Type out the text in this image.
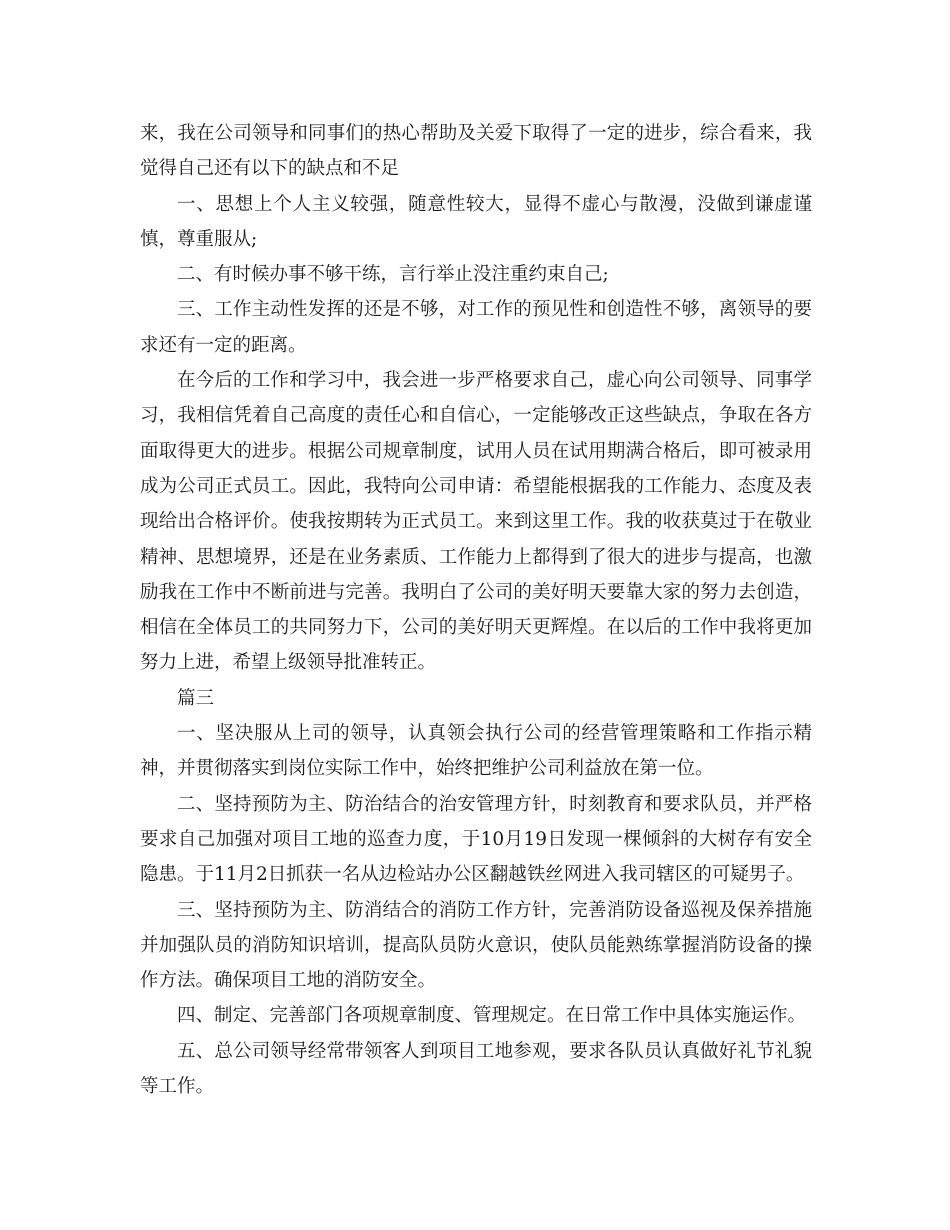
来，我在公司领导和同事们的热心帮助及关爱下取得了一定的进步，综合看来，我觉得自己还有以下的缺点和不足

一、思想上个人主义较强，随意性较大，显得不虚心与散漫，没做到谦虚谨慎，尊重服从;

二、有时候办事不够干练，言行举止没注重约束自己;

三、工作主动性发挥的还是不够，对工作的预见性和创造性不够，离领导的要求还有一定的距离。

在今后的工作和学习中，我会进一步严格要求自己，虚心向公司领导、同事学习，我相信凭着自己高度的责任心和自信心，一定能够改正这些缺点，争取在各方面取得更大的进步。根据公司规章制度，试用人员在试用期满合格后，即可被录用成为公司正式员工。因此，我特向公司申请：希望能根据我的工作能力、态度及表现给出合格评价。使我按期转为正式员工。来到这里工作。我的收获莫过于在敬业精神、思想境界，还是在业务素质、工作能力上都得到了很大的进步与提高，也激励我在工作中不断前进与完善。我明白了公司的美好明天要靠大家的努力去创造，相信在全体员工的共同努力下，公司的美好明天更辉煌。在以后的工作中我将更加努力上进，希望上级领导批准转正。

篇三

一、坚决服从上司的领导，认真领会执行公司的经营管理策略和工作指示精神，并贯彻落实到岗位实际工作中，始终把维护公司利益放在第一位。

二、坚持预防为主、防治结合的治安管理方针，时刻教育和要求队员，并严格要求自己加强对项目工地的巡查力度，于10月19日发现一棵倾斜的大树存有安全隐患。于11月2日抓获一名从边检站办公区翻越铁丝网进入我司辖区的可疑男子。

三、坚持预防为主、防消结合的消防工作方针，完善消防设备巡视及保养措施并加强队员的消防知识培训，提高队员防火意识，使队员能熟练掌握消防设备的操作方法。确保项目工地的消防安全。

四、制定、完善部门各项规章制度、管理规定。在日常工作中具体实施运作。

五、总公司领导经常带领客人到项目工地参观，要求各队员认真做好礼节礼貌等工作。
